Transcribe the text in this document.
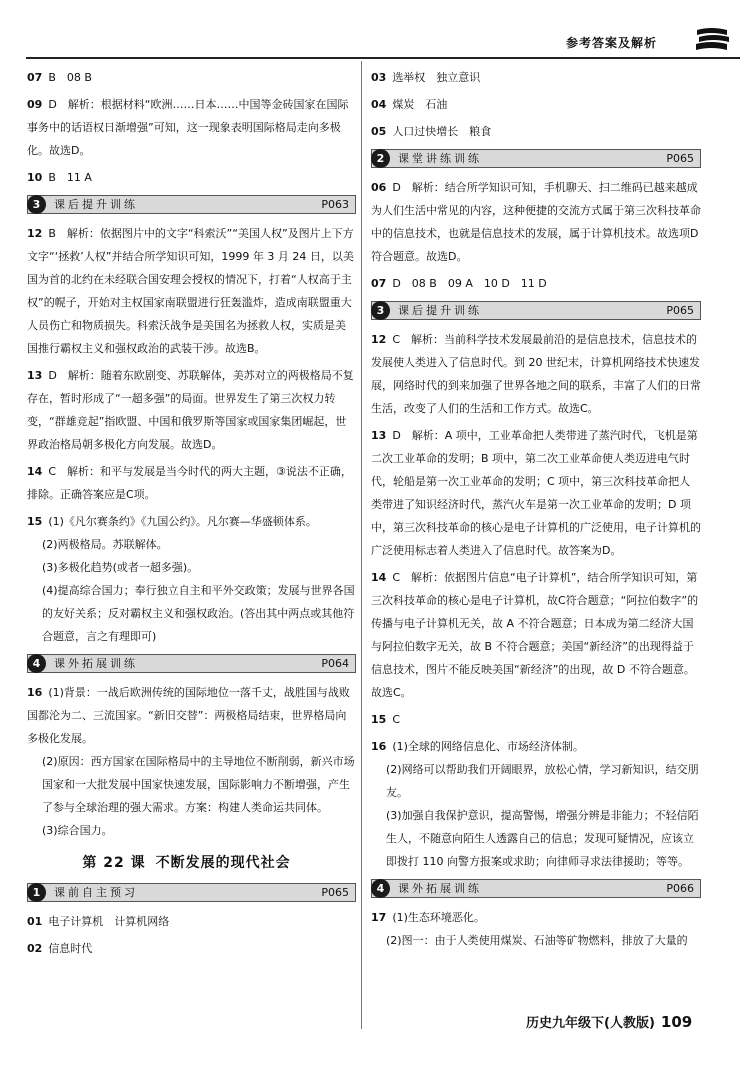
参考答案及解析
07 B　08 B
09 D　解析：根据材料“欧洲……日本……中国等金砖国家在国际事务中的话语权日渐增强”可知，这一现象表明国际格局走向多极化。故选D。
10 B　11 A
3	课后提升训练	P063
12 B　解析：依据图片中的文字“科索沃”“美国人权”及图片上下方文字“‘拯救’人权”并结合所学知识可知，1999 年 3 月 24 日，以美国为首的北约在未经联合国安理会授权的情况下，打着“人权高于主权”的幌子，开始对主权国家南联盟进行狂轰滥炸，造成南联盟重大人员伤亡和物质损失。科索沃战争是美国名为拯救人权，实质是美国推行霸权主义和强权政治的武装干涉。故选B。
13 D　解析：随着东欧剧变、苏联解体，美苏对立的两极格局不复存在，暂时形成了“一超多强”的局面。世界发生了第三次权力转变，“群雄竞起”指欧盟、中国和俄罗斯等国家或国家集团崛起，世界政治格局朝多极化方向发展。故选D。
14 C　解析：和平与发展是当今时代的两大主题，③说法不正确，排除。正确答案应是C项。
15 (1)《凡尔赛条约》《九国公约》。凡尔赛—华盛顿体系。
(2)两极格局。苏联解体。
(3)多极化趋势(或者一超多强)。
(4)提高综合国力；奉行独立自主和平外交政策；发展与世界各国的友好关系；反对霸权主义和强权政治。(答出其中两点或其他符合题意，言之有理即可)
4	课外拓展训练	P064
16 (1)背景：一战后欧洲传统的国际地位一落千丈，战胜国与战败国都沦为二、三流国家。“新旧交替”：两极格局结束，世界格局向多极化发展。
(2)原因：西方国家在国际格局中的主导地位不断削弱，新兴市场国家和一大批发展中国家快速发展，国际影响力不断增强，产生了参与全球治理的强大需求。方案：构建人类命运共同体。
(3)综合国力。
第 22 课 不断发展的现代社会
1	课前自主预习	P065
01 电子计算机　计算机网络
02 信息时代
03 选举权　独立意识
04 煤炭　石油
05 人口过快增长　粮食
2	课堂讲练训练	P065
06 D　解析：结合所学知识可知，手机聊天、扫二维码已越来越成为人们生活中常见的内容，这种便捷的交流方式属于第三次科技革命中的信息技术，也就是信息技术的发展，属于计算机技术。故选项D符合题意。故选D。
07 D　08 B　09 A　10 D　11 D
3	课后提升训练	P065
12 C　解析：当前科学技术发展最前沿的是信息技术，信息技术的发展使人类进入了信息时代。到 20 世纪末，计算机网络技术快速发展，网络时代的到来加强了世界各地之间的联系，丰富了人们的日常生活，改变了人们的生活和工作方式。故选C。
13 D　解析：A 项中，工业革命把人类带进了蒸汽时代，飞机是第二次工业革命的发明；B 项中，第二次工业革命使人类迈进电气时代，轮船是第一次工业革命的发明；C 项中，第三次科技革命把人类带进了知识经济时代，蒸汽火车是第一次工业革命的发明；D 项中，第三次科技革命的核心是电子计算机的广泛使用，电子计算机的广泛使用标志着人类进入了信息时代。故答案为D。
14 C　解析：依据图片信息“电子计算机”，结合所学知识可知，第三次科技革命的核心是电子计算机，故C符合题意；“阿拉伯数字”的传播与电子计算机无关，故 A 不符合题意；日本成为第二经济大国与阿拉伯数字无关，故 B 不符合题意；美国“新经济”的出现得益于信息技术，图片不能反映美国“新经济”的出现，故 D 不符合题意。故选C。
15 C
16 (1)全球的网络信息化、市场经济体制。
(2)网络可以帮助我们开阔眼界，放松心情，学习新知识，结交朋友。
(3)加强自我保护意识，提高警惕，增强分辨是非能力；不轻信陌生人，不随意向陌生人透露自己的信息；发现可疑情况，应该立即拨打 110 向警方报案或求助；向律师寻求法律援助；等等。
4	课外拓展训练	P066
17 (1)生态环境恶化。
(2)图一：由于人类使用煤炭、石油等矿物燃料，排放了大量的
历史九年级下(人教版) 109
